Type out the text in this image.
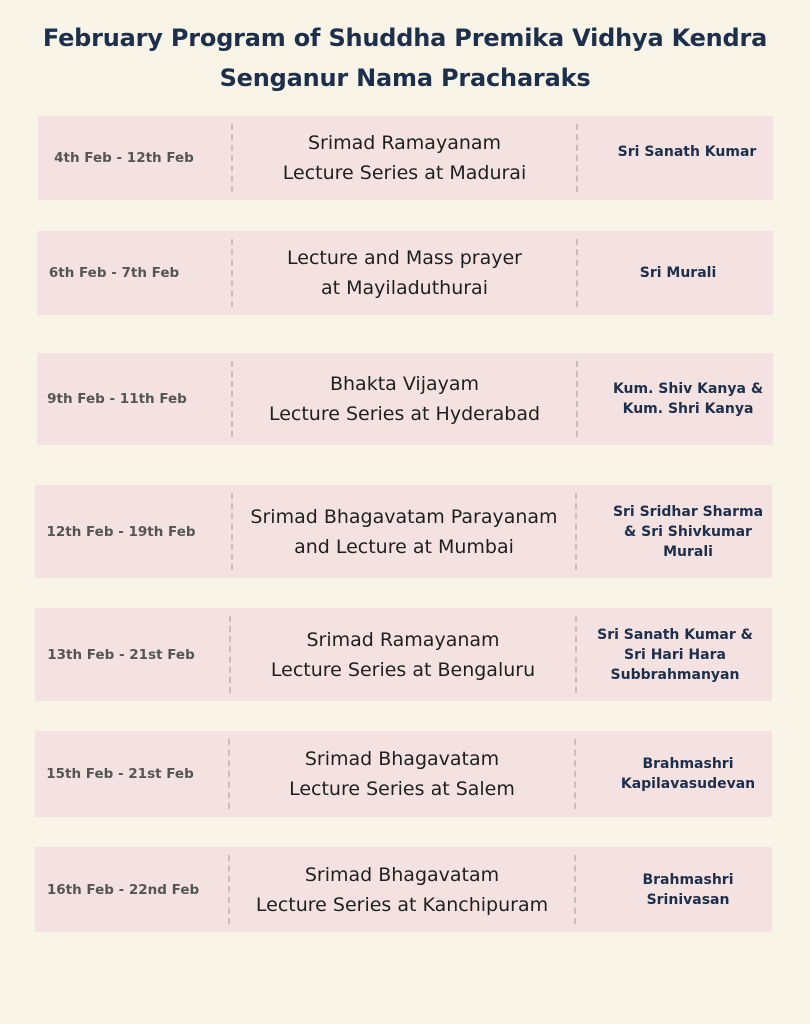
February Program of Shuddha Premika Vidhya Kendra
Senganur Nama Pracharaks
4th Feb - 12th Feb
Srimad Ramayanam
Lecture Series at Madurai
Sri Sanath Kumar
6th Feb - 7th Feb
Lecture and Mass prayer
at Mayiladuthurai
Sri Murali
9th Feb - 11th Feb
Bhakta Vijayam
Lecture Series at Hyderabad
Kum. Shiv Kanya &
Kum. Shri Kanya
12th Feb - 19th Feb
Srimad Bhagavatam Parayanam
and Lecture at Mumbai
Sri Sridhar Sharma
& Sri Shivkumar
Murali
13th Feb - 21st Feb
Srimad Ramayanam
Lecture Series at Bengaluru
Sri Sanath Kumar &
Sri Hari Hara
Subbrahmanyan
15th Feb - 21st Feb
Srimad Bhagavatam
Lecture Series at Salem
Brahmashri
Kapilavasudevan
16th Feb - 22nd Feb
Srimad Bhagavatam
Lecture Series at Kanchipuram
Brahmashri
Srinivasan
